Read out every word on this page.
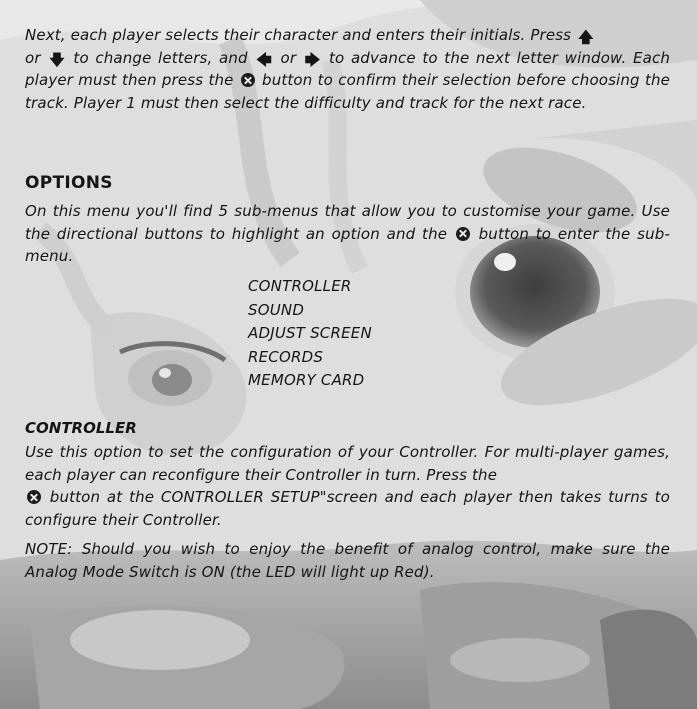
Next, each player selects their character and enters their initials. Press 🡅
or 🡇 to change letters, and 🡄 or 🡆 to advance to the next letter window. Each player must then press the button to confirm their selection before choosing the track. Player 1 must then select the difficulty and track for the next race.

OPTIONS

On this menu you'll find 5 sub-menus that allow you to customise your game. Use the directional buttons to highlight an option and the button to enter the sub-menu.

CONTROLLER
SOUND
ADJUST SCREEN
RECORDS
MEMORY CARD
CONTROLLER

Use this option to set the configuration of your Controller. For multi-player games, each player can reconfigure their Controller in turn. Press the
button at the CONTROLLER SETUP"screen and each player then takes turns to configure their Controller.

NOTE: Should you wish to enjoy the benefit of analog control, make sure the Analog Mode Switch is ON (the LED will light up Red).
